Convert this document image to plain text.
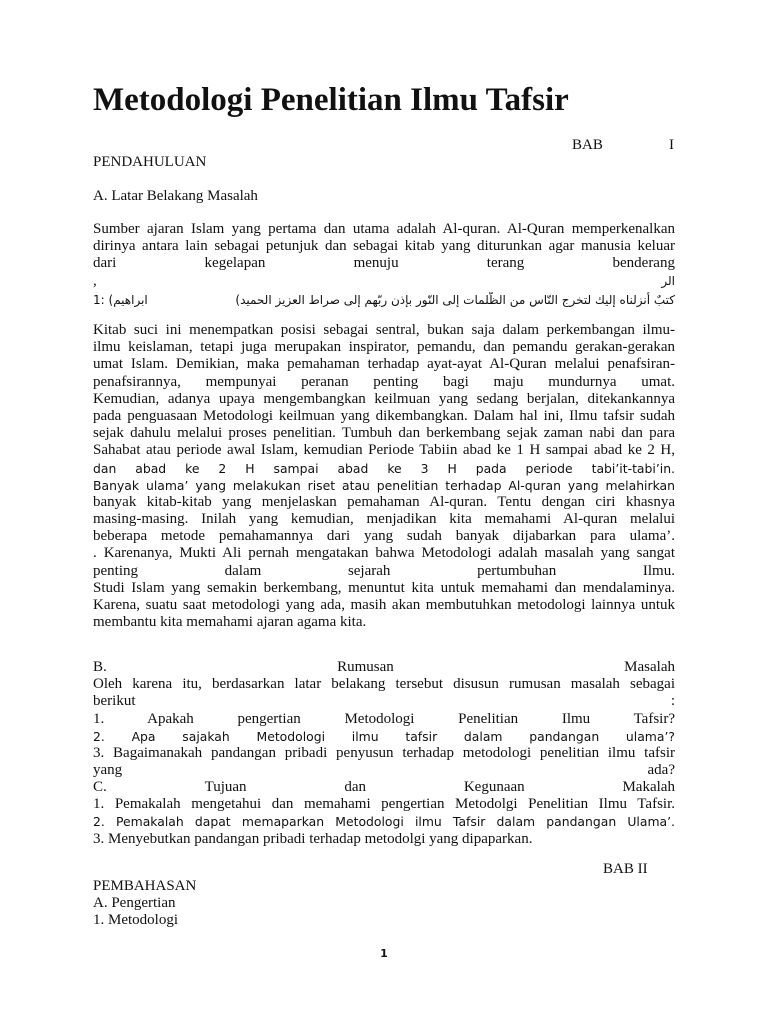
Metodologi Penelitian Ilmu Tafsir
BAB	I
PENDAHULUAN
A. Latar Belakang Masalah
Sumber ajaran Islam yang pertama dan utama adalah Al-quran. Al-Quran memperkenalkan
dirinya antara lain sebagai petunjuk dan sebagai kitab yang diturunkan agar manusia keluar
dari	kegelapan	menuju	terang	benderang
,	الر
1: (ابراهيم	كتبٌ أنزلناه إليك لتخرج النّاس من الظّلمات إلى النّور بإذن ربّهم إلى صراط العزيز الحميد)
Kitab suci ini menempatkan posisi sebagai sentral, bukan saja dalam perkembangan ilmu-
ilmu keislaman, tetapi juga merupakan inspirator, pemandu, dan pemandu gerakan-gerakan
umat Islam. Demikian, maka pemahaman terhadap ayat-ayat Al-Quran melalui penafsiran-
penafsirannya, mempunyai peranan penting bagi maju mundurnya umat.
Kemudian, adanya upaya mengembangkan keilmuan yang sedang berjalan, ditekankannya
pada penguasaan Metodologi keilmuan yang dikembangkan. Dalam hal ini, Ilmu tafsir sudah
sejak dahulu melalui proses penelitian. Tumbuh dan berkembang sejak zaman nabi dan para
Sahabat atau periode awal Islam, kemudian Periode Tabiin abad ke 1 H sampai abad ke 2 H,
dan abad ke 2 H sampai abad ke 3 H pada periode tabi’it-tabi’in.
Banyak ulama’ yang melakukan riset atau penelitian terhadap Al-quran yang melahirkan
banyak kitab-kitab yang menjelaskan pemahaman Al-quran. Tentu dengan ciri khasnya
masing-masing. Inilah yang kemudian, menjadikan kita memahami Al-quran melalui
beberapa metode pemahamannya dari yang sudah banyak dijabarkan para ulama’.
. Karenanya, Mukti Ali pernah mengatakan bahwa Metodologi adalah masalah yang sangat
penting	dalam	sejarah	pertumbuhan	Ilmu.
Studi Islam yang semakin berkembang, menuntut kita untuk memahami dan mendalaminya.
Karena, suatu saat metodologi yang ada, masih akan membutuhkan metodologi lainnya untuk
membantu kita memahami ajaran agama kita.
B.	Rumusan	Masalah
Oleh karena itu, berdasarkan latar belakang tersebut disusun rumusan masalah sebagai
berikut	:
1. Apakah pengertian Metodologi Penelitian Ilmu Tafsir?
2. Apa sajakah Metodologi ilmu tafsir dalam pandangan ulama’?
3. Bagaimanakah pandangan pribadi penyusun terhadap metodologi penelitian ilmu tafsir
yang	ada?
C.	Tujuan	dan	Kegunaan	Makalah
1. Pemakalah mengetahui dan memahami pengertian Metodolgi Penelitian Ilmu Tafsir.
2. Pemakalah dapat memaparkan Metodologi ilmu Tafsir dalam pandangan Ulama’.
3. Menyebutkan pandangan pribadi terhadap metodolgi yang dipaparkan.
BAB II
PEMBAHASAN
A. Pengertian
1. Metodologi
1
